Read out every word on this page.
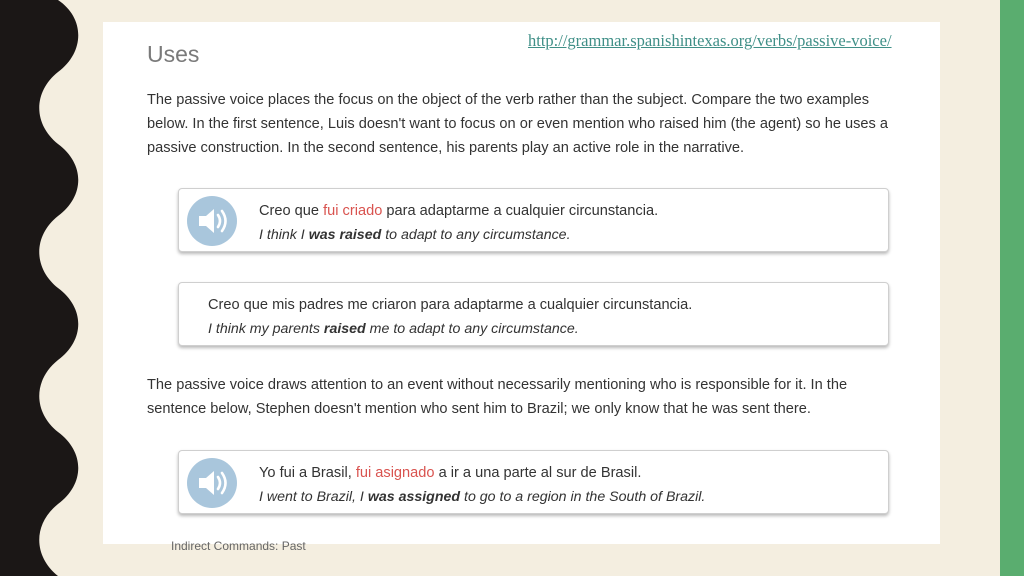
Uses

The passive voice places the focus on the object of the verb rather than the subject. Compare the two examples below. In the first sentence, Luis doesn't want to focus on or even mention who raised him (the agent) so he uses a passive construction. In the second sentence, his parents play an active role in the narrative.

Creo que fui criado para adaptarme a cualquier circunstancia.
I think I was raised to adapt to any circumstance.
Creo que mis padres me criaron para adaptarme a cualquier circunstancia.
I think my parents raised me to adapt to any circumstance.

The passive voice draws attention to an event without necessarily mentioning who is responsible for it. In the sentence below, Stephen doesn't mention who sent him to Brazil; we only know that he was sent there.

Yo fui a Brasil, fui asignado a ir a una parte al sur de Brasil.
I went to Brazil, I was assigned to go to a region in the South of Brazil.
Indirect Commands: Past
http://grammar.spanishintexas.org/verbs/passive-voice/
